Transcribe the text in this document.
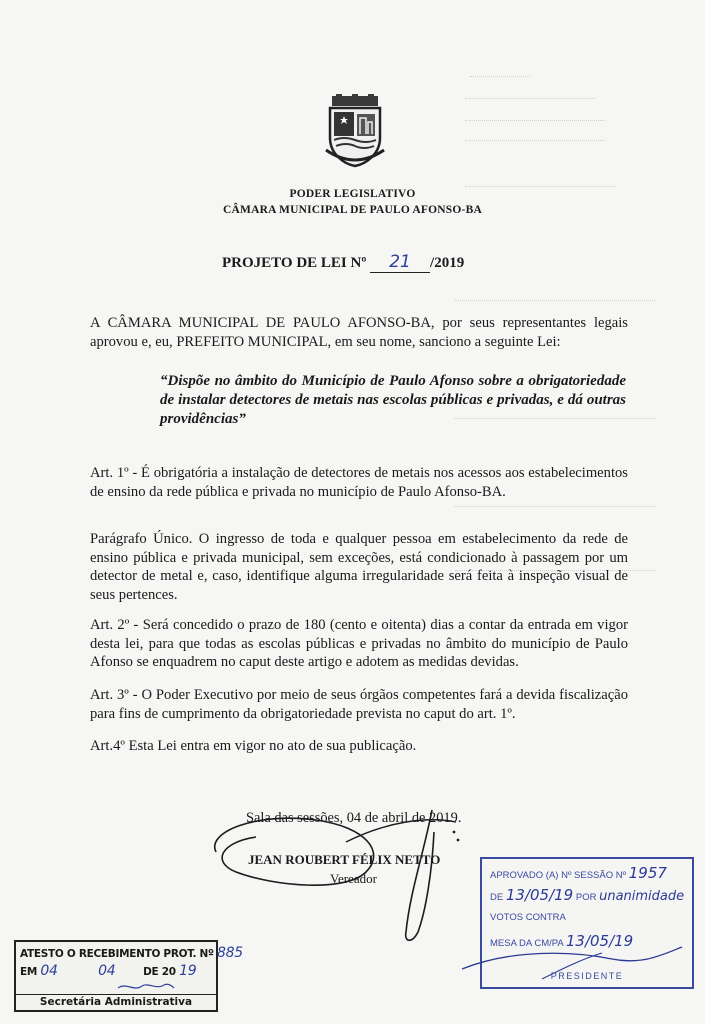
PODER LEGISLATIVO
CÂMARA MUNICIPAL DE PAULO AFONSO-BA
PROJETO DE LEI Nº 21 /2019

A CÂMARA MUNICIPAL DE PAULO AFONSO-BA, por seus representantes legais aprovou e, eu, PREFEITO MUNICIPAL, em seu nome, sanciono a seguinte Lei:

“Dispõe no âmbito do Município de Paulo Afonso sobre a obrigatoriedade de instalar detectores de metais nas escolas públicas e privadas, e dá outras providências”

Art. 1º - É obrigatória a instalação de detectores de metais nos acessos aos estabelecimentos de ensino da rede pública e privada no município de Paulo Afonso-BA.

Parágrafo Único. O ingresso de toda e qualquer pessoa em estabelecimento da rede de ensino pública e privada municipal, sem exceções, está condicionado à passagem por um detector de metal e, caso, identifique alguma irregularidade será feita à inspeção visual de seus pertences.

Art. 2º - Será concedido o prazo de 180 (cento e oitenta) dias a contar da entrada em vigor desta lei, para que todas as escolas públicas e privadas no âmbito do município de Paulo Afonso se enquadrem no caput deste artigo e adotem as medidas devidas.

Art. 3º - O Poder Executivo por meio de seus órgãos competentes fará a devida fiscalização para fins de cumprimento da obrigatoriedade prevista no caput do art. 1º.

Art.4º Esta Lei entra em vigor no ato de sua publicação.

Sala das sessões, 04 de abril de 2019.
JEAN ROUBERT FÉLIX NETTO
Vereador
ATESTO O RECEBIMENTO PROT. Nº 885
EM 04	04	DE 20 19
Secretária Administrativa
APROVADO (A) Nº SESSÃO Nº 1957
DE 13/05/19 POR unanimidade
VOTOS CONTRA
MESA DA CM/PA 13/05/19
PRESIDENTE
